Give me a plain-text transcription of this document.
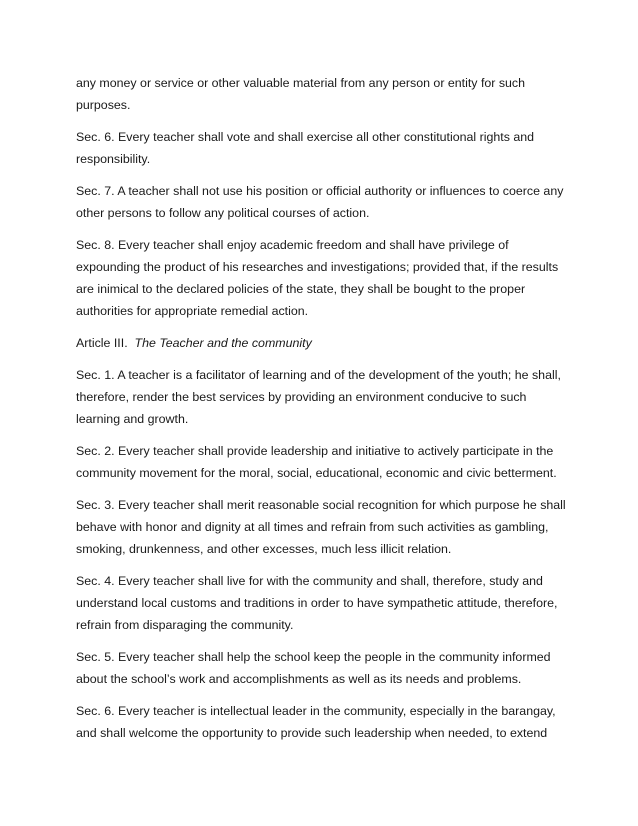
any money or service or other valuable material from any person or entity for such purposes.

Sec. 6. Every teacher shall vote and shall exercise all other constitutional rights and responsibility.

Sec. 7. A teacher shall not use his position or official authority or influences to coerce any other persons to follow any political courses of action.

Sec. 8. Every teacher shall enjoy academic freedom and shall have privilege of expounding the product of his researches and investigations; provided that, if the results are inimical to the declared policies of the state, they shall be bought to the proper authorities for appropriate remedial action.

Article III. The Teacher and the community

Sec. 1. A teacher is a facilitator of learning and of the development of the youth; he shall, therefore, render the best services by providing an environment conducive to such learning and growth.

Sec. 2. Every teacher shall provide leadership and initiative to actively participate in the community movement for the moral, social, educational, economic and civic betterment.

Sec. 3. Every teacher shall merit reasonable social recognition for which purpose he shall behave with honor and dignity at all times and refrain from such activities as gambling, smoking, drunkenness, and other excesses, much less illicit relation.

Sec. 4. Every teacher shall live for with the community and shall, therefore, study and understand local customs and traditions in order to have sympathetic attitude, therefore, refrain from disparaging the community.

Sec. 5. Every teacher shall help the school keep the people in the community informed about the school’s work and accomplishments as well as its needs and problems.

Sec. 6. Every teacher is intellectual leader in the community, especially in the barangay, and shall welcome the opportunity to provide such leadership when needed, to extend
